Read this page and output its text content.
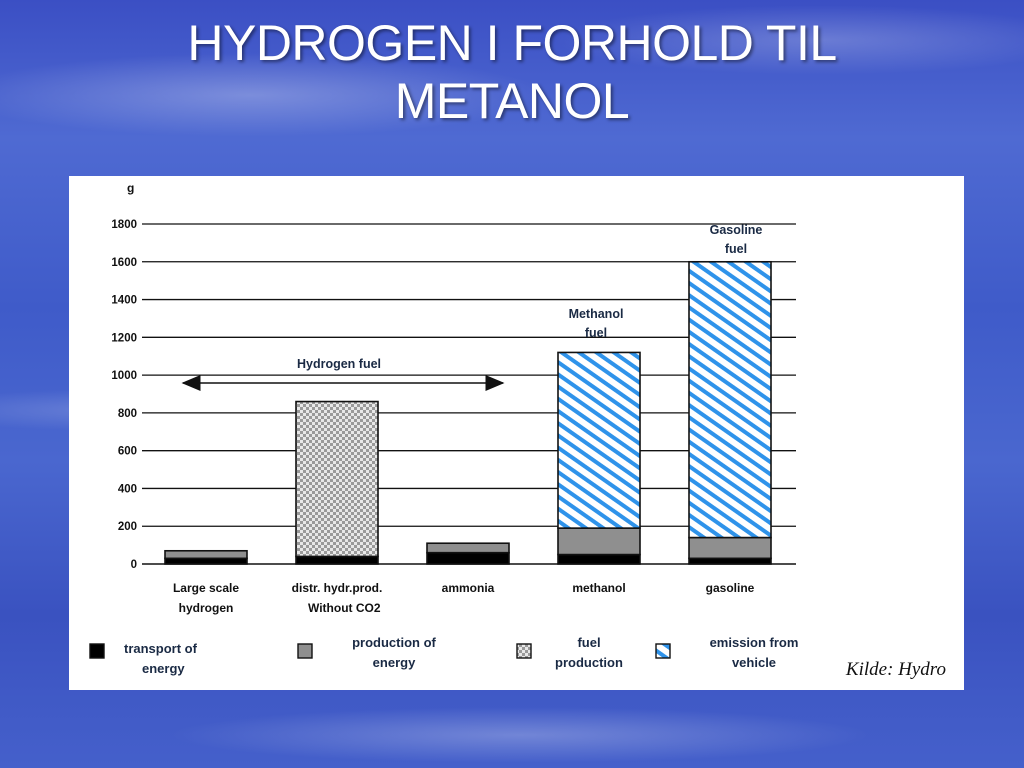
HYDROGEN I FORHOLD TIL
METANOL
0
200
400
600
800
1000
1200
1400
1600
1800
g
Large scale
hydrogen
distr. hydr.prod.
Without CO2
ammonia	methanol	gasoline
Hydrogen fuel
Methanol
fuel
Gasoline
fuel
transport of
energy
production of
energy
fuel
production
emission from
vehicle	Kilde: Hydro
